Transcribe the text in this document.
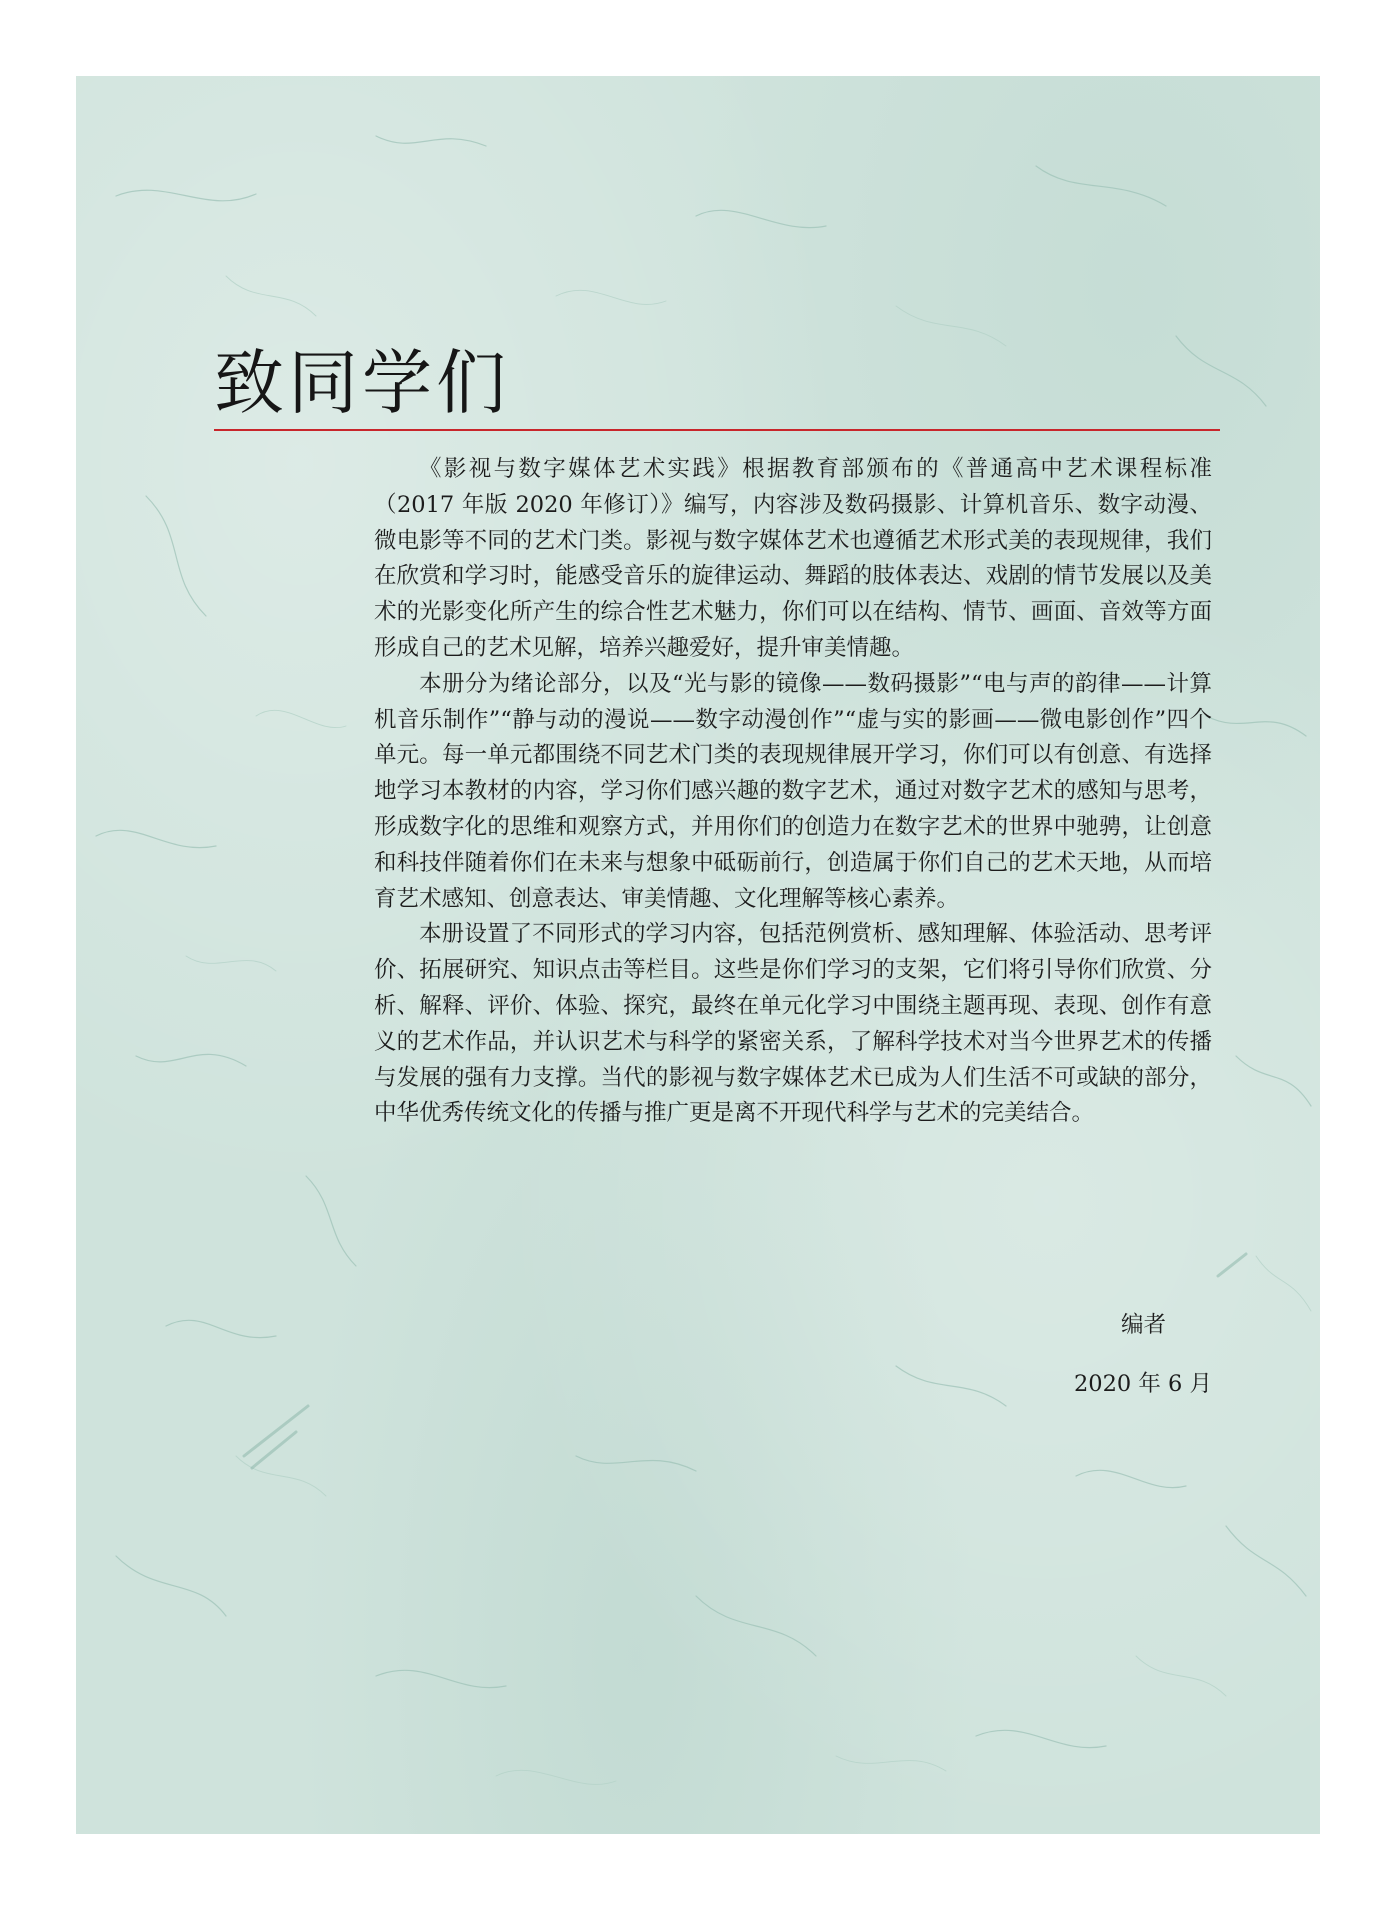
致同学们

《影视与数字媒体艺术实践》根据教育部颁布的《普通高中艺术课程标准（2017 年版 2020 年修订）》编写，内容涉及数码摄影、计算机音乐、数字动漫、微电影等不同的艺术门类。影视与数字媒体艺术也遵循艺术形式美的表现规律，我们在欣赏和学习时，能感受音乐的旋律运动、舞蹈的肢体表达、戏剧的情节发展以及美术的光影变化所产生的综合性艺术魅力，你们可以在结构、情节、画面、音效等方面形成自己的艺术见解，培养兴趣爱好，提升审美情趣。

本册分为绪论部分，以及“光与影的镜像——数码摄影”“电与声的韵律——计算机音乐制作”“静与动的漫说——数字动漫创作”“虚与实的影画——微电影创作”四个单元。每一单元都围绕不同艺术门类的表现规律展开学习，你们可以有创意、有选择地学习本教材的内容，学习你们感兴趣的数字艺术，通过对数字艺术的感知与思考，形成数字化的思维和观察方式，并用你们的创造力在数字艺术的世界中驰骋，让创意和科技伴随着你们在未来与想象中砥砺前行，创造属于你们自己的艺术天地，从而培育艺术感知、创意表达、审美情趣、文化理解等核心素养。

本册设置了不同形式的学习内容，包括范例赏析、感知理解、体验活动、思考评价、拓展研究、知识点击等栏目。这些是你们学习的支架，它们将引导你们欣赏、分析、解释、评价、体验、探究，最终在单元化学习中围绕主题再现、表现、创作有意义的艺术作品，并认识艺术与科学的紧密关系，了解科学技术对当今世界艺术的传播与发展的强有力支撑。当代的影视与数字媒体艺术已成为人们生活不可或缺的部分，中华优秀传统文化的传播与推广更是离不开现代科学与艺术的完美结合。

编者
2020 年 6 月
